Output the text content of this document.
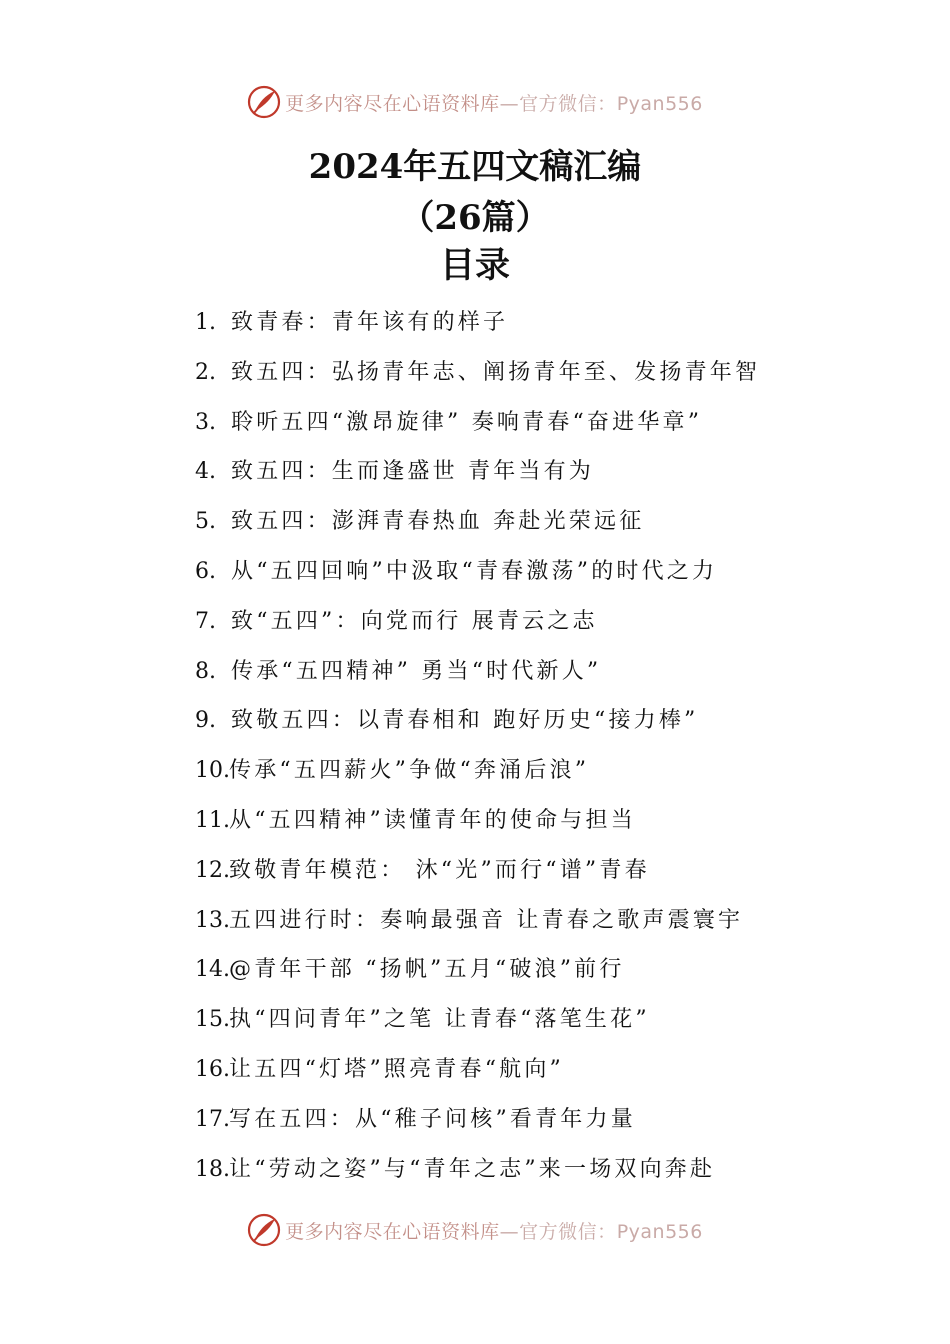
更多内容尽在心语资料库—官方微信：Pyan556
2024年五四文稿汇编
（26篇）
目录
1. 致青春：青年该有的样子
2. 致五四：弘扬青年志、阐扬青年至、发扬青年智
3. 聆听五四“激昂旋律” 奏响青春“奋进华章”
4. 致五四：生而逢盛世 青年当有为
5. 致五四：澎湃青春热血 奔赴光荣远征
6. 从“五四回响”中汲取“青春激荡”的时代之力
7. 致“五四”：向党而行 展青云之志
8. 传承“五四精神” 勇当“时代新人”
9. 致敬五四：以青春相和 跑好历史“接力棒”
10. 传承“五四薪火”争做“奔涌后浪”
11. 从“五四精神”读懂青年的使命与担当
12. 致敬青年模范： 沐“光”而行“谱”青春
13. 五四进行时：奏响最强音 让青春之歌声震寰宇
14. @青年干部 “扬帆”五月“破浪”前行
15. 执“四问青年”之笔 让青春“落笔生花”
16. 让五四“灯塔”照亮青春“航向”
17. 写在五四：从“稚子问核”看青年力量
18. 让“劳动之姿”与“青年之志”来一场双向奔赴
更多内容尽在心语资料库—官方微信：Pyan556
